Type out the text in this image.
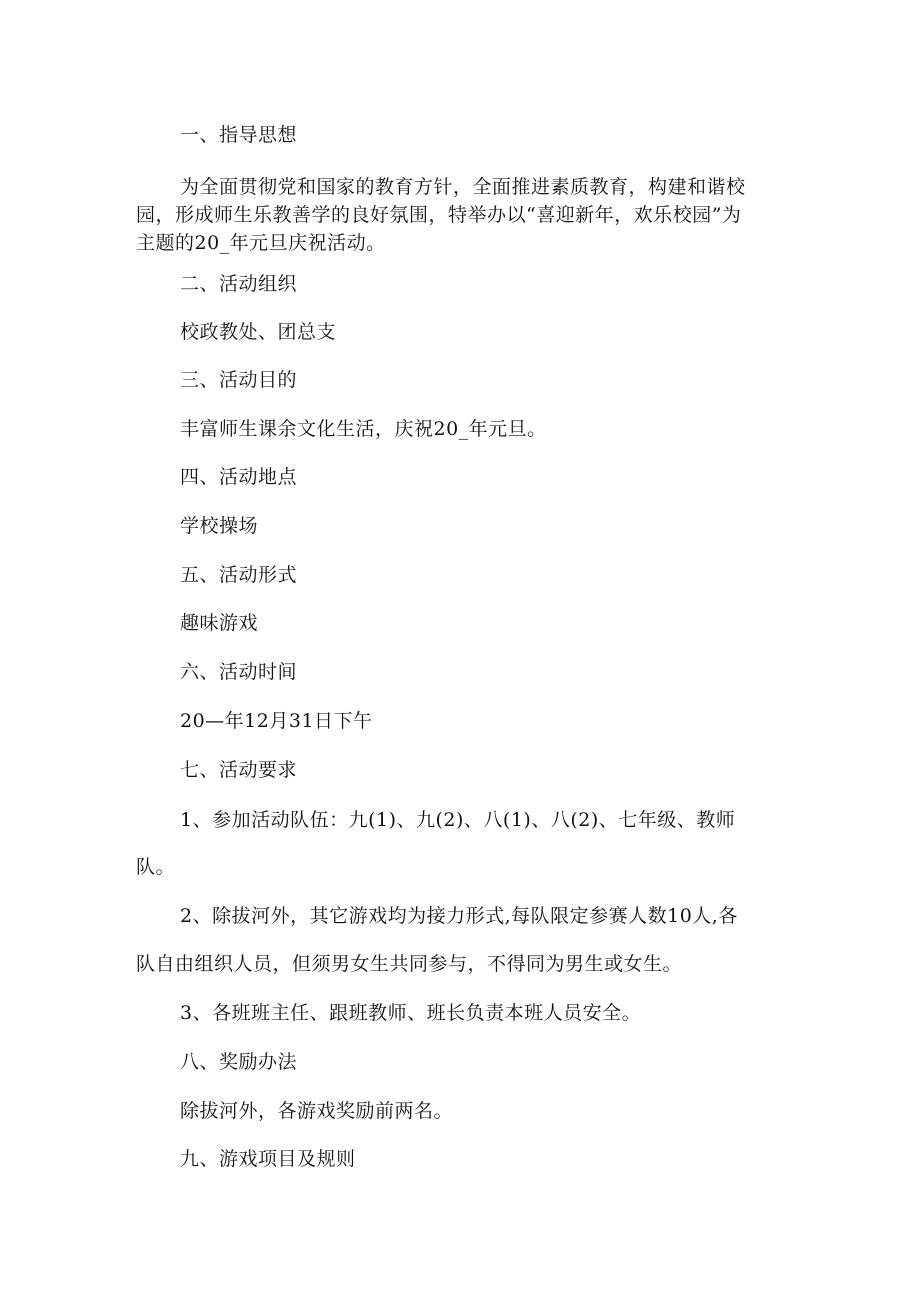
一、指导思想
为全面贯彻党和国家的教育方针，全面推进素质教育，构建和谐校
园，形成师生乐教善学的良好氛围，特举办以“喜迎新年，欢乐校园”为
主题的20_年元旦庆祝活动。
二、活动组织
校政教处、团总支
三、活动目的
丰富师生课余文化生活，庆祝20_年元旦。
四、活动地点
学校操场
五、活动形式
趣味游戏
六、活动时间
20—年12月31日下午
七、活动要求
1、参加活动队伍：九(1)、九(2)、八(1)、八(2)、七年级、教师
队。
2、除拔河外，其它游戏均为接力形式,每队限定参赛人数10人,各
队自由组织人员，但须男女生共同参与，不得同为男生或女生。
3、各班班主任、跟班教师、班长负责本班人员安全。
八、奖励办法
除拔河外，各游戏奖励前两名。
九、游戏项目及规则
